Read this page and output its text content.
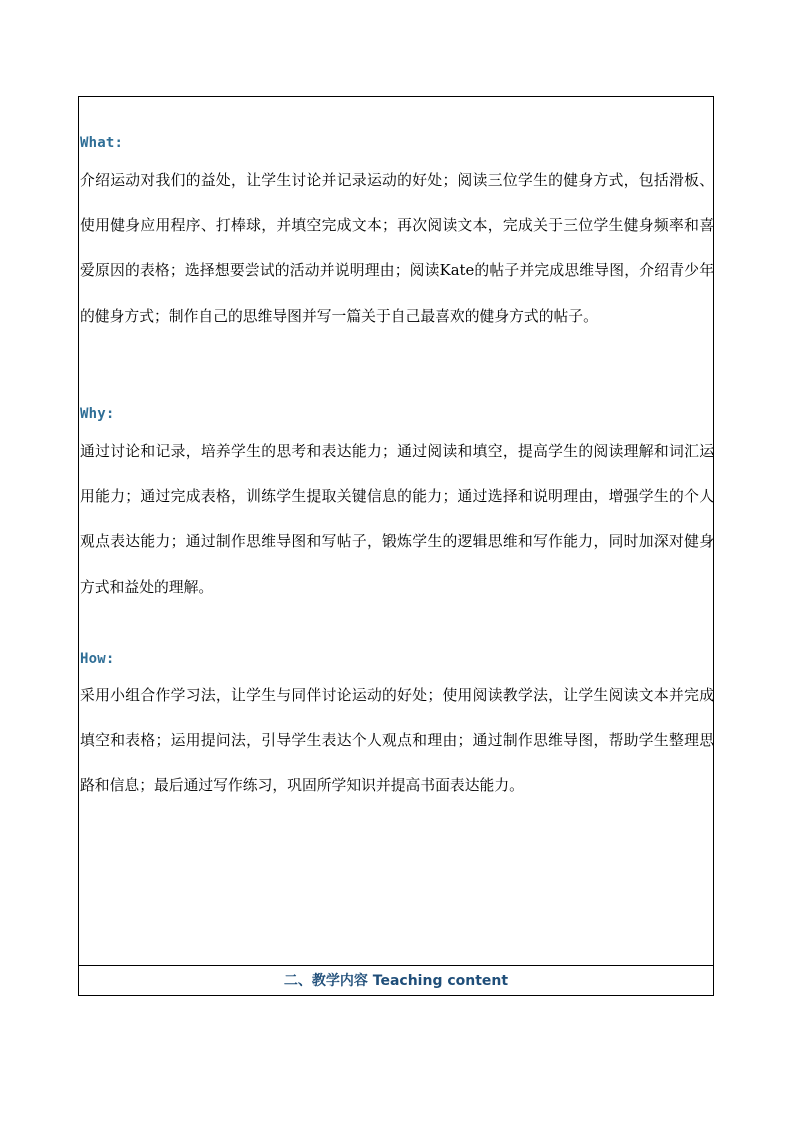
What:
介绍运动对我们的益处，让学生讨论并记录运动的好处；阅读三位学生的健身方式，包括滑板、使用健身应用程序、打棒球，并填空完成文本；再次阅读文本，完成关于三位学生健身频率和喜爱原因的表格；选择想要尝试的活动并说明理由；阅读Kate的帖子并完成思维导图，介绍青少年的健身方式；制作自己的思维导图并写一篇关于自己最喜欢的健身方式的帖子。
Why:
通过讨论和记录，培养学生的思考和表达能力；通过阅读和填空，提高学生的阅读理解和词汇运用能力；通过完成表格，训练学生提取关键信息的能力；通过选择和说明理由，增强学生的个人观点表达能力；通过制作思维导图和写帖子，锻炼学生的逻辑思维和写作能力，同时加深对健身方式和益处的理解。
How:
采用小组合作学习法，让学生与同伴讨论运动的好处；使用阅读教学法，让学生阅读文本并完成填空和表格；运用提问法，引导学生表达个人观点和理由；通过制作思维导图，帮助学生整理思路和信息；最后通过写作练习，巩固所学知识并提高书面表达能力。
二、教学内容 Teaching content
